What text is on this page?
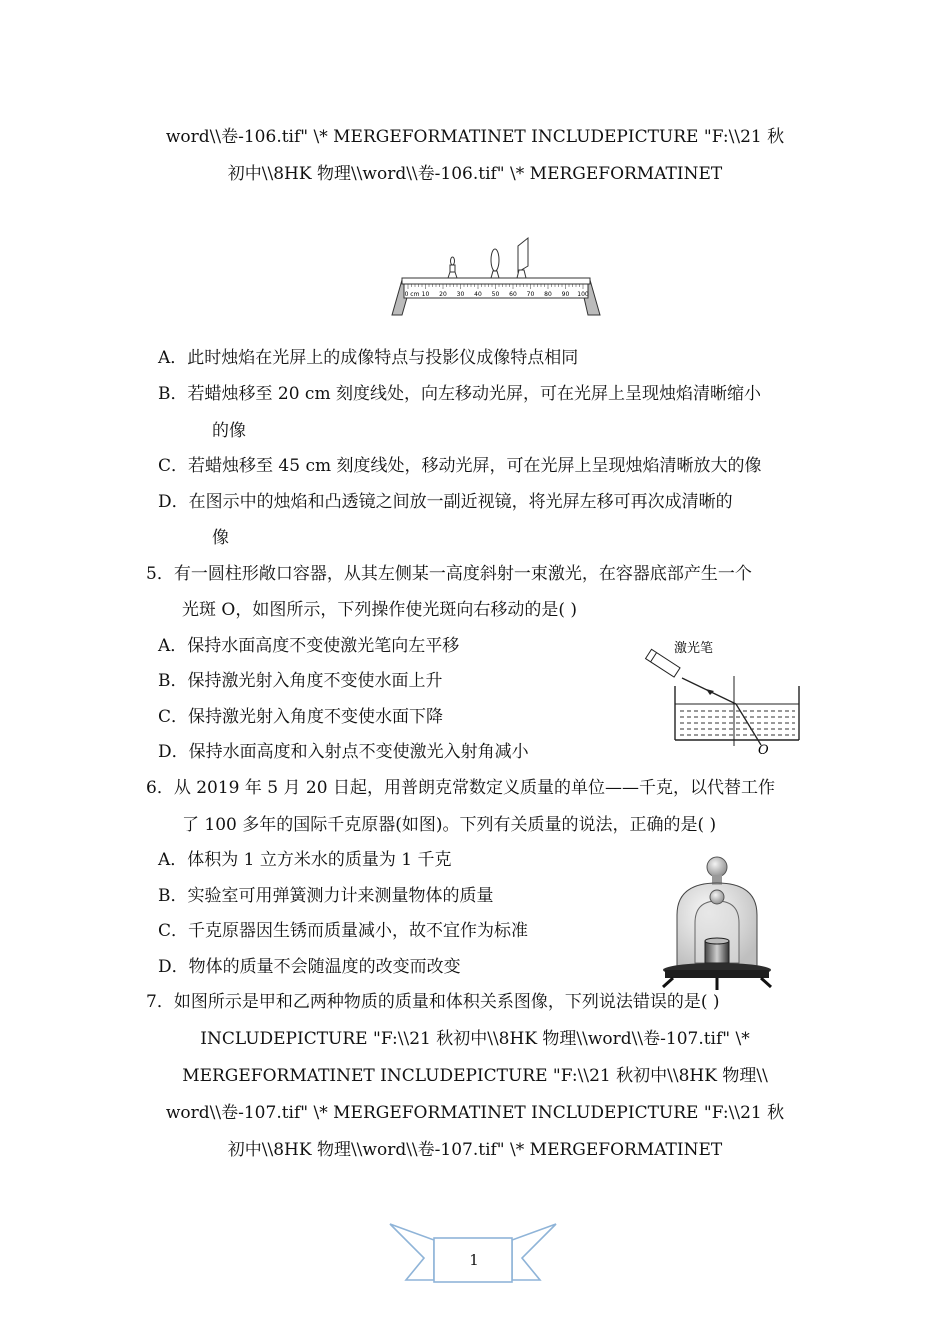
word\\卷-106.tif" \* MERGEFORMATINET INCLUDEPICTURE "F:\\21 秋
初中\\8HK 物理\\word\\卷-106.tif" \* MERGEFORMATINET
0 cm 10 20 30 40 50 60 70 80 90 100
A．此时烛焰在光屏上的成像特点与投影仪成像特点相同
B．若蜡烛移至 20 cm 刻度线处，向左移动光屏，可在光屏上呈现烛焰清晰缩小
的像
C．若蜡烛移至 45 cm 刻度线处，移动光屏，可在光屏上呈现烛焰清晰放大的像
D．在图示中的烛焰和凸透镜之间放一副近视镜，将光屏左移可再次成清晰的
像
5．有一圆柱形敞口容器，从其左侧某一高度斜射一束激光，在容器底部产生一个
光斑 O，如图所示，下列操作使光斑向右移动的是( )
A．保持水面高度不变使激光笔向左平移
B．保持激光射入角度不变使水面上升
C．保持激光射入角度不变使水面下降
D．保持水面高度和入射点不变使激光入射角减小
激光笔
O
6．从 2019 年 5 月 20 日起，用普朗克常数定义质量的单位——千克，以代替工作
了 100 多年的国际千克原器(如图)。下列有关质量的说法，正确的是( )
A．体积为 1 立方米水的质量为 1 千克
B．实验室可用弹簧测力计来测量物体的质量
C．千克原器因生锈而质量减小，故不宜作为标准
D．物体的质量不会随温度的改变而改变
7．如图所示是甲和乙两种物质的质量和体积关系图像，下列说法错误的是( )
INCLUDEPICTURE "F:\\21 秋初中\\8HK 物理\\word\\卷-107.tif" \*
MERGEFORMATINET INCLUDEPICTURE "F:\\21 秋初中\\8HK 物理\\
word\\卷-107.tif" \* MERGEFORMATINET INCLUDEPICTURE "F:\\21 秋
初中\\8HK 物理\\word\\卷-107.tif" \* MERGEFORMATINET
1
